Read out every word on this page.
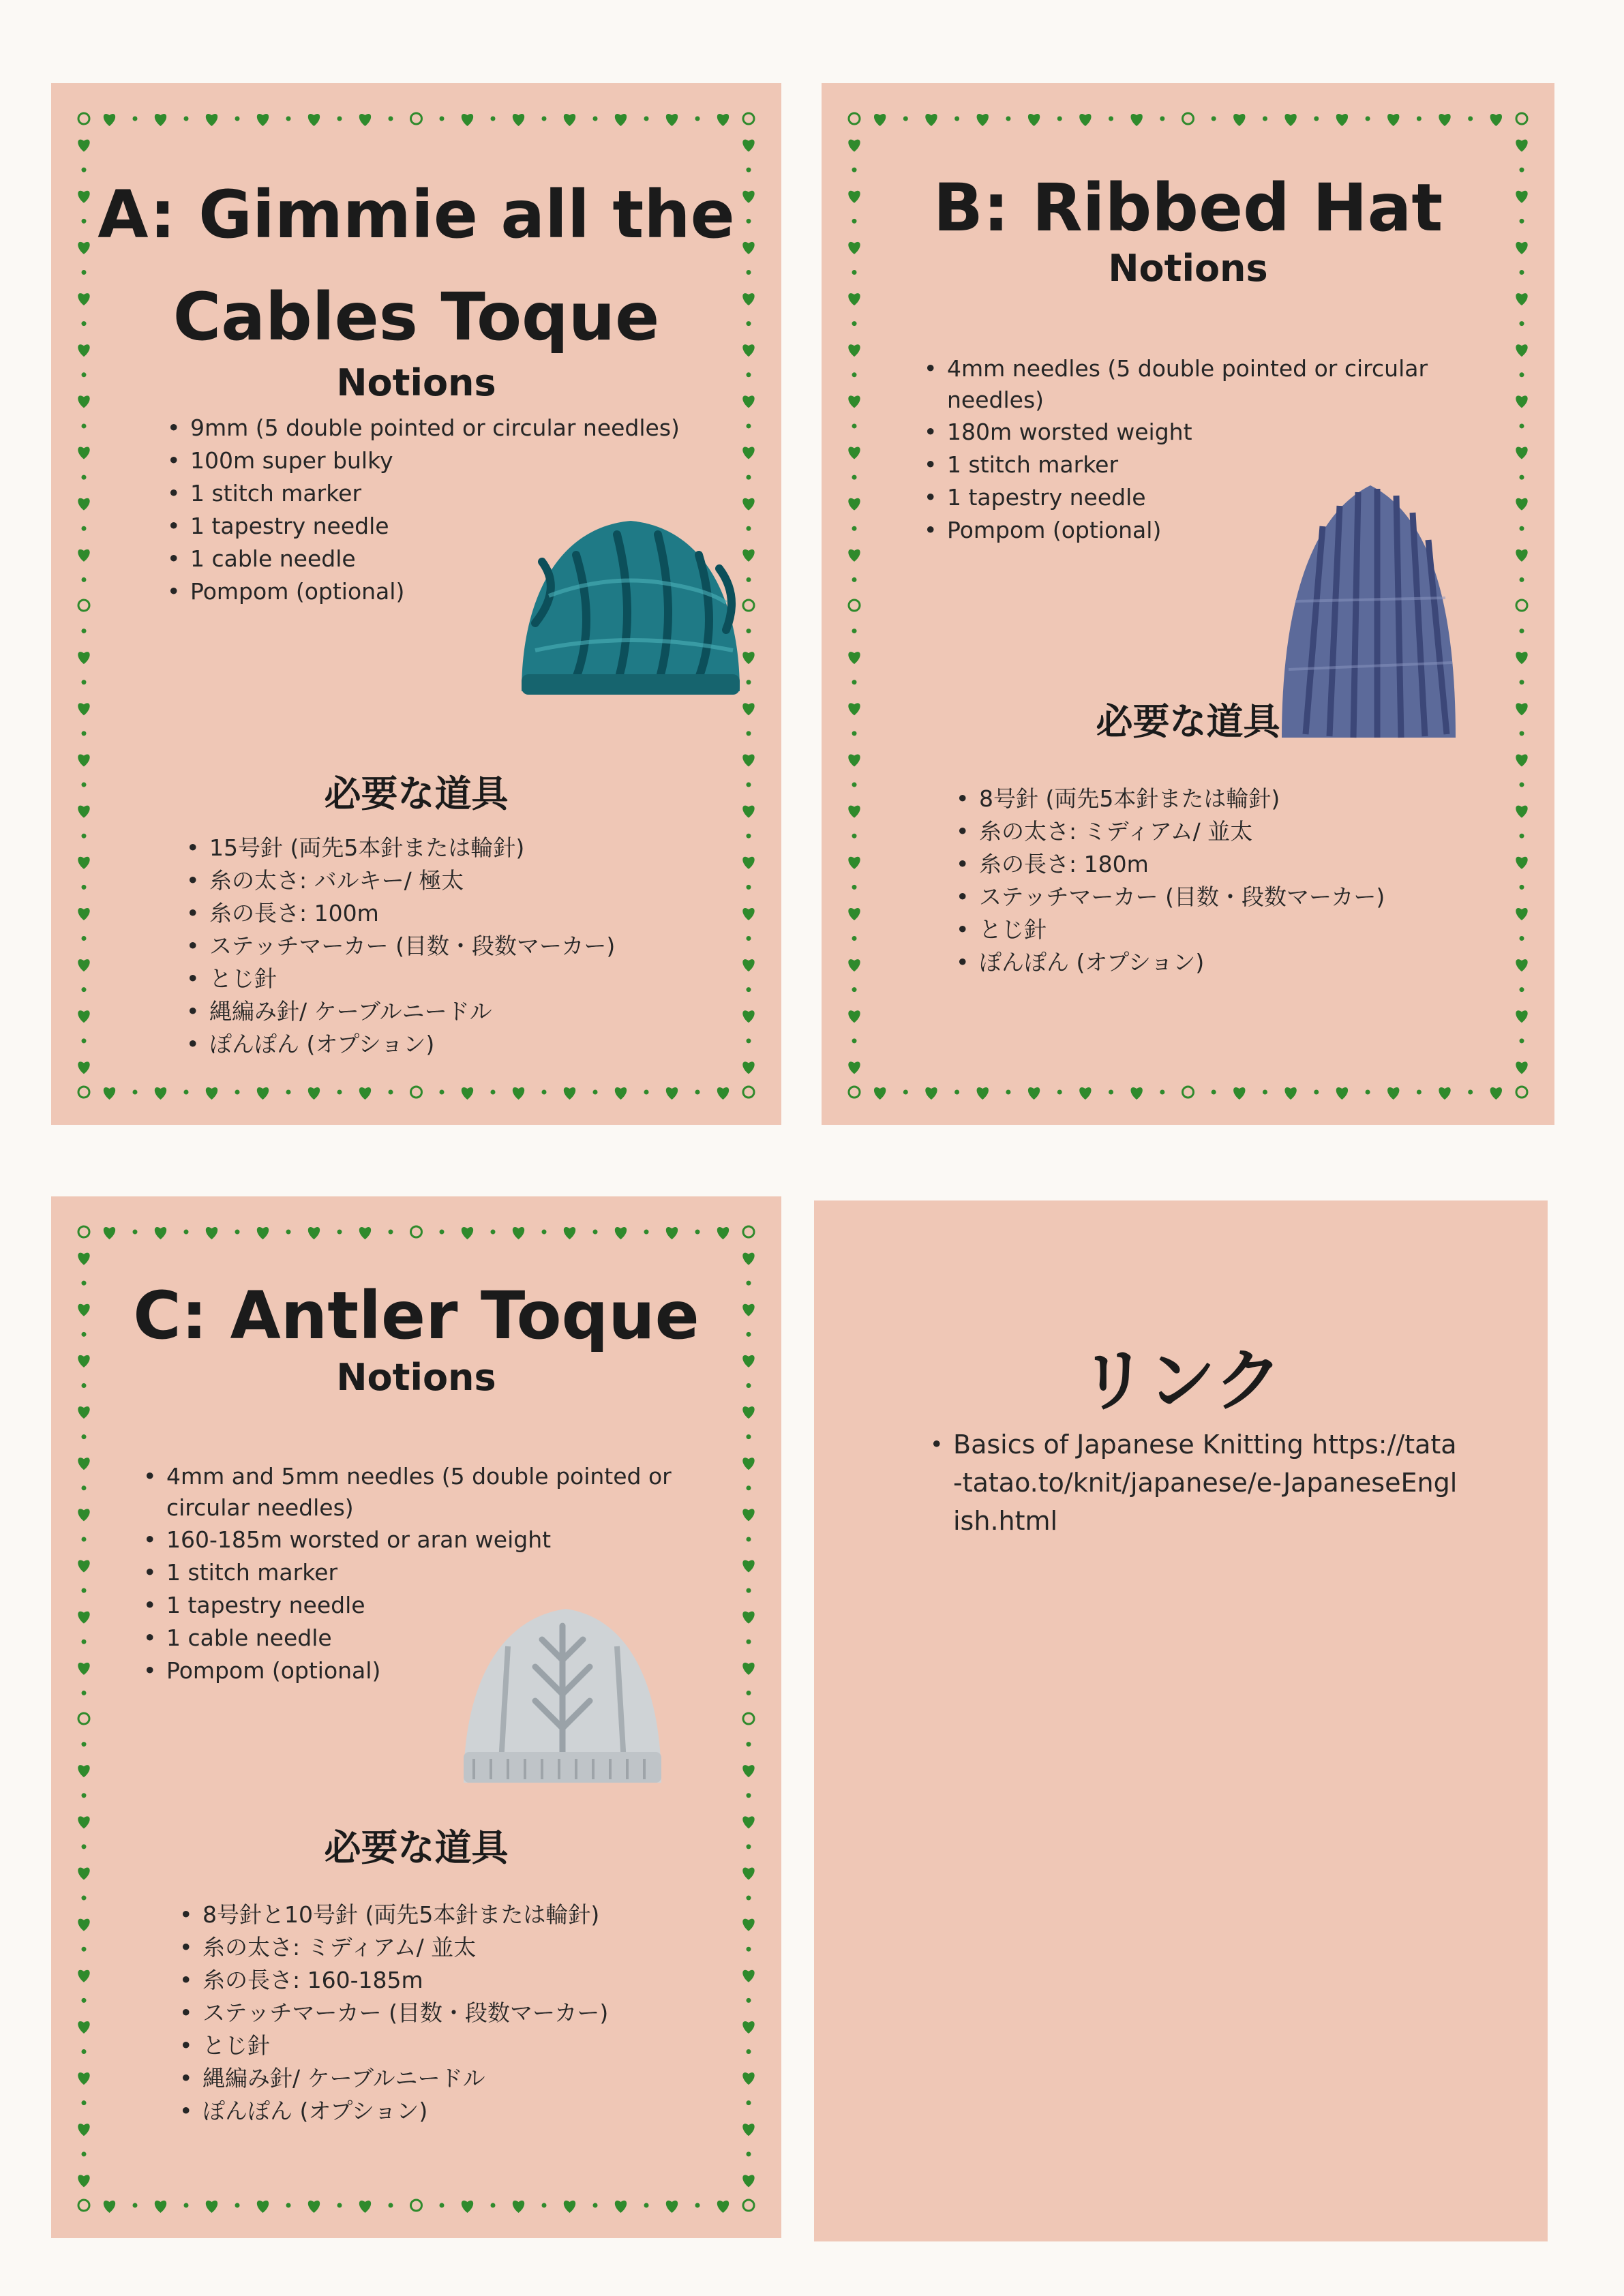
A: Gimmie all the
Cables Toque
Notions
• 9mm (5 double pointed or circular needles)
• 100m super bulky
• 1 stitch marker
• 1 tapestry needle
• 1 cable needle
• Pompom (optional)
必要な道具
• 15号針 (両先5本針または輪針)
• 糸の太さ: バルキー/ 極太
• 糸の長さ: 100m
• ステッチマーカー (目数・段数マーカー)
• とじ針
• 縄編み針/ ケーブルニードル
• ぽんぽん (オプション)
B: Ribbed Hat
Notions
• 4mm needles (5 double pointed or circular needles)
• 180m worsted weight
• 1 stitch marker
• 1 tapestry needle
• Pompom (optional)
必要な道具
• 8号針 (両先5本針または輪針)
• 糸の太さ: ミディアム/ 並太
• 糸の長さ: 180m
• ステッチマーカー (目数・段数マーカー)
• とじ針
• ぽんぽん (オプション)
C: Antler Toque
Notions
• 4mm and 5mm needles (5 double pointed or circular needles)
• 160-185m worsted or aran weight
• 1 stitch marker
• 1 tapestry needle
• 1 cable needle
• Pompom (optional)
必要な道具
• 8号針と10号針 (両先5本針または輪針)
• 糸の太さ: ミディアム/ 並太
• 糸の長さ: 160-185m
• ステッチマーカー (目数・段数マーカー)
• とじ針
• 縄編み針/ ケーブルニードル
• ぽんぽん (オプション)
リンク
• Basics of Japanese Knitting https://tata-tatao.to/knit/japanese/e-JapaneseEnglish.html
